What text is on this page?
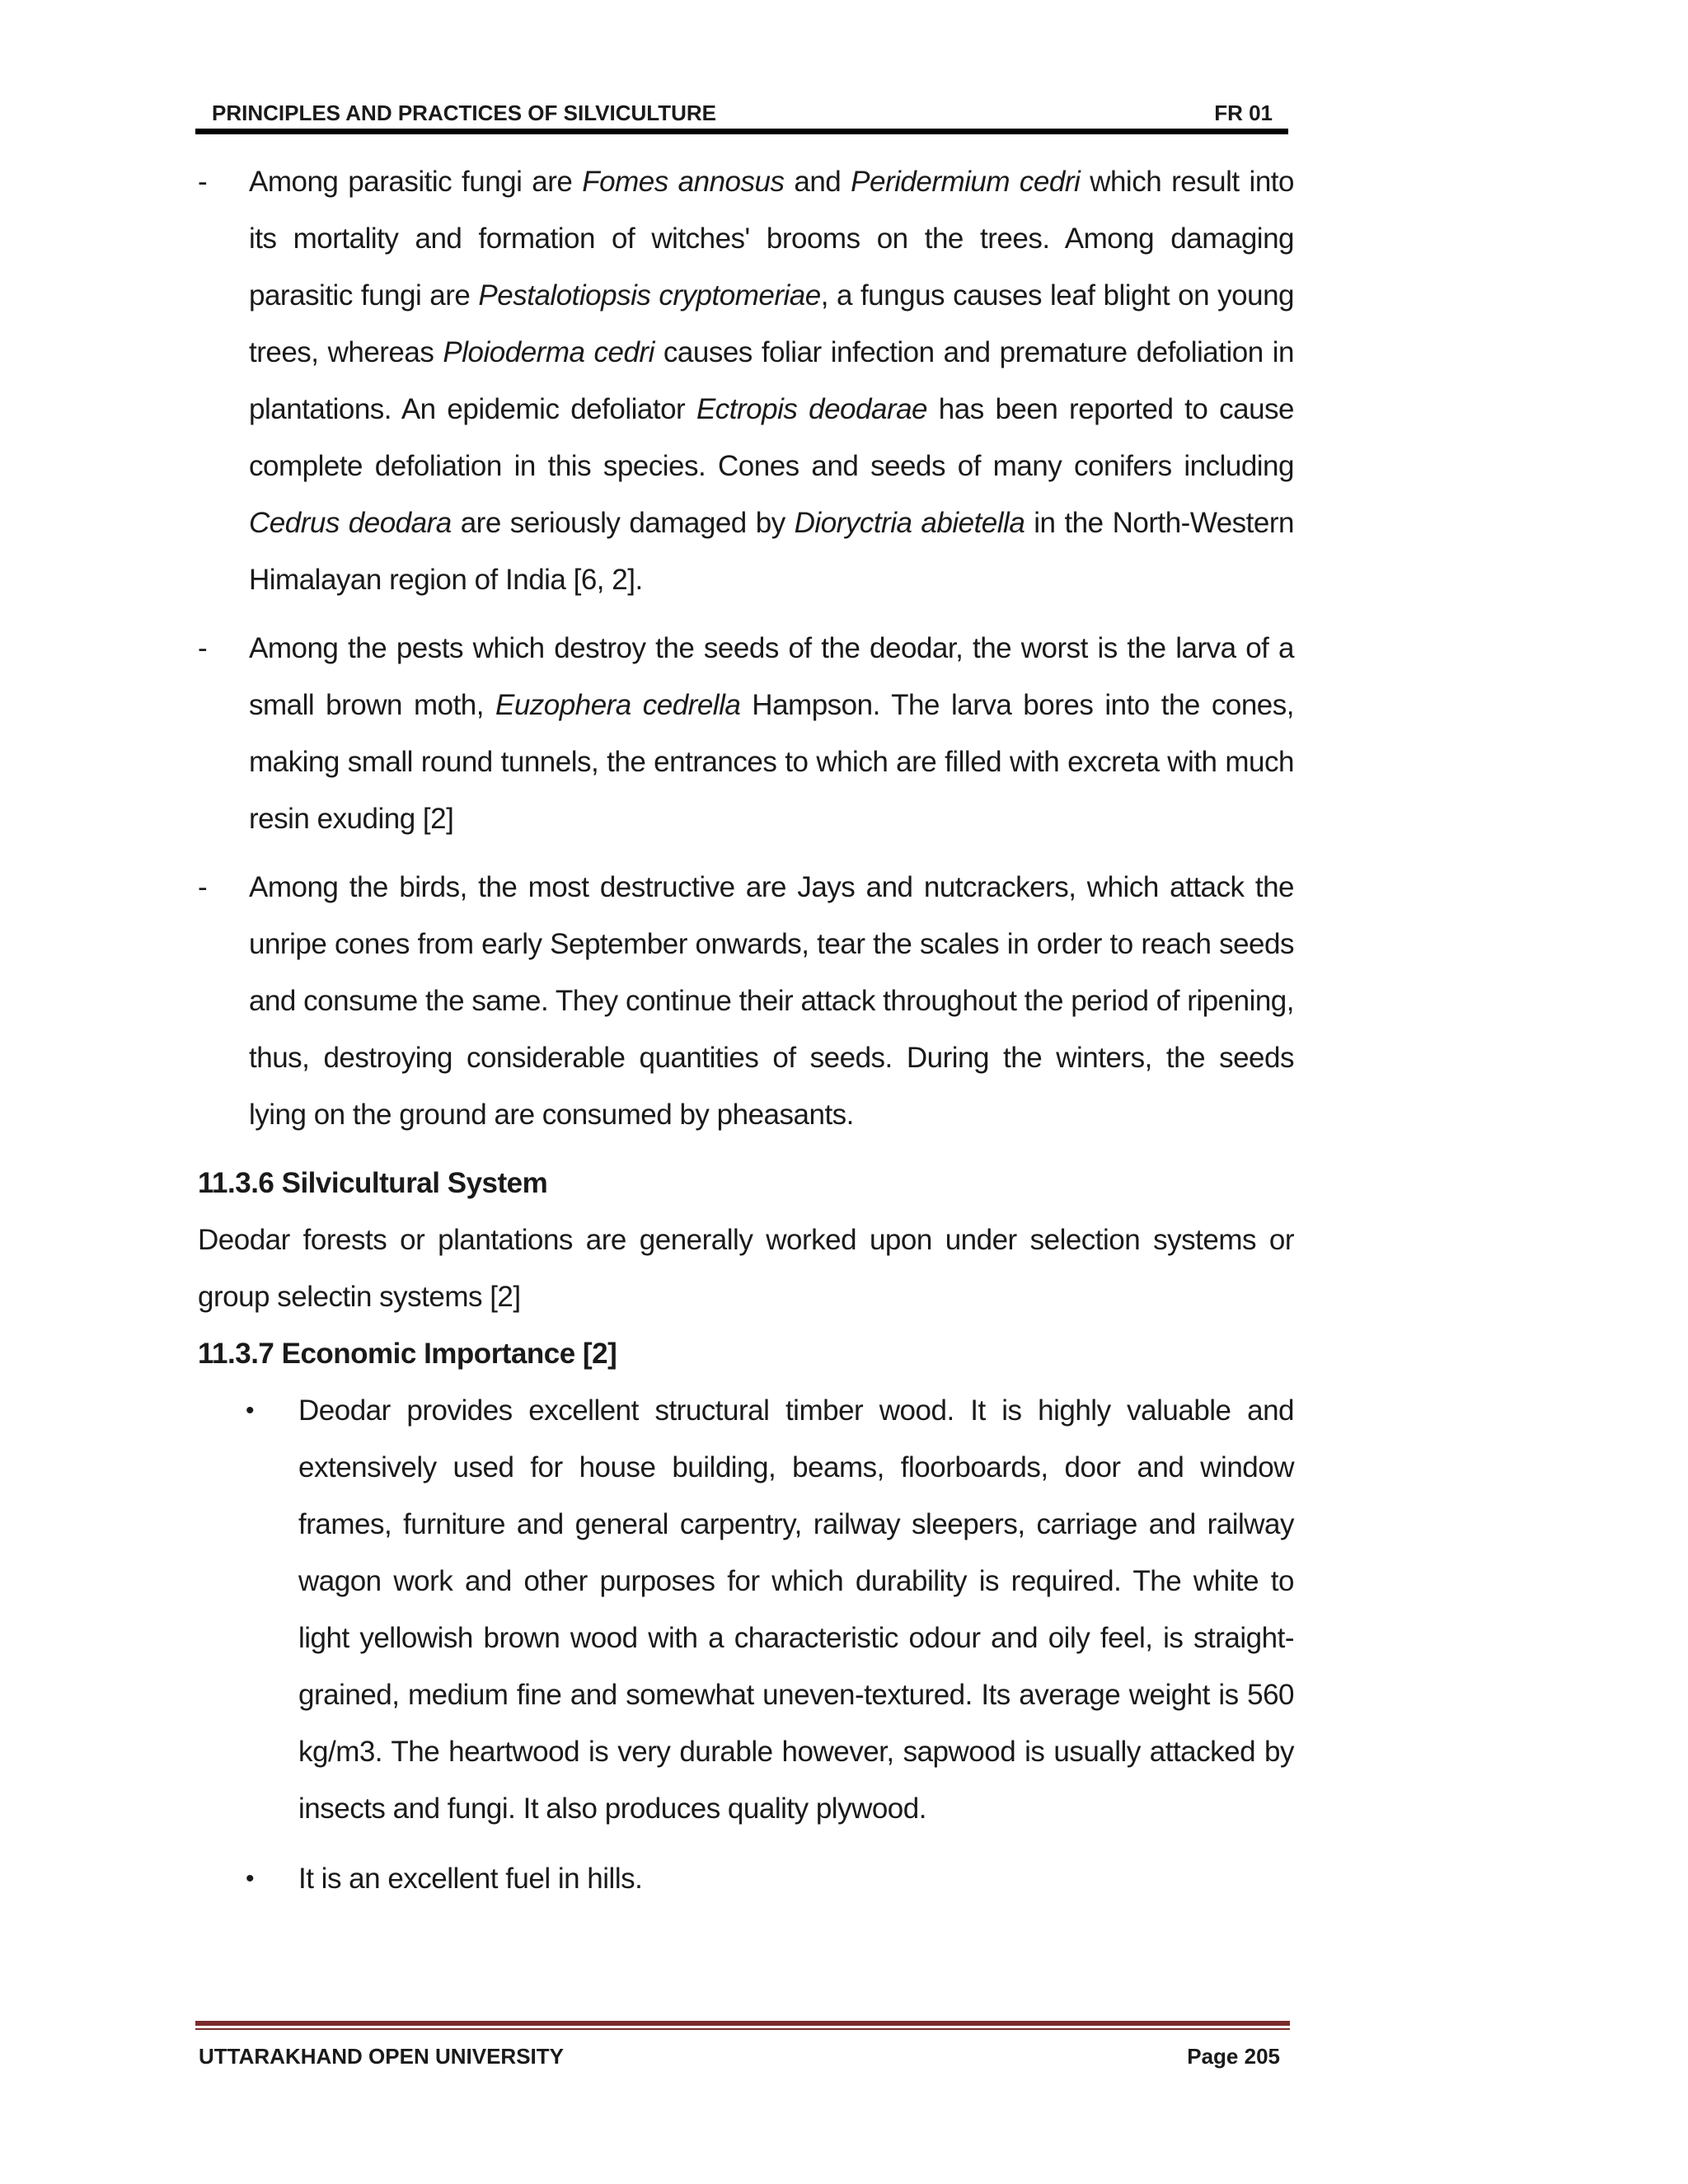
PRINCIPLES AND PRACTICES OF SILVICULTURE	FR 01
- Among parasitic fungi are Fomes annosus and Peridermium cedri which result into its mortality and formation of witches' brooms on the trees. Among damaging parasitic fungi are Pestalotiopsis cryptomeriae, a fungus causes leaf blight on young trees, whereas Ploioderma cedri causes foliar infection and premature defoliation in plantations. An epidemic defoliator Ectropis deodarae has been reported to cause complete defoliation in this species. Cones and seeds of many conifers including Cedrus deodara are seriously damaged by Dioryctria abietella in the North-Western Himalayan region of India [6, 2].
- Among the pests which destroy the seeds of the deodar, the worst is the larva of a small brown moth, Euzophera cedrella Hampson. The larva bores into the cones, making small round tunnels, the entrances to which are filled with excreta with much resin exuding [2]
- Among the birds, the most destructive are Jays and nutcrackers, which attack the unripe cones from early September onwards, tear the scales in order to reach seeds and consume the same. They continue their attack throughout the period of ripening, thus, destroying considerable quantities of seeds. During the winters, the seeds lying on the ground are consumed by pheasants.

11.3.6 Silvicultural System

Deodar forests or plantations are generally worked upon under selection systems or group selectin systems [2]

11.3.7 Economic Importance [2]

• Deodar provides excellent structural timber wood. It is highly valuable and extensively used for house building, beams, floorboards, door and window frames, furniture and general carpentry, railway sleepers, carriage and railway wagon work and other purposes for which durability is required. The white to light yellowish brown wood with a characteristic odour and oily feel, is straight-grained, medium fine and somewhat uneven-textured. Its average weight is 560 kg/m3. The heartwood is very durable however, sapwood is usually attacked by insects and fungi. It also produces quality plywood.
• It is an excellent fuel in hills.
UTTARAKHAND OPEN UNIVERSITY	Page 205
